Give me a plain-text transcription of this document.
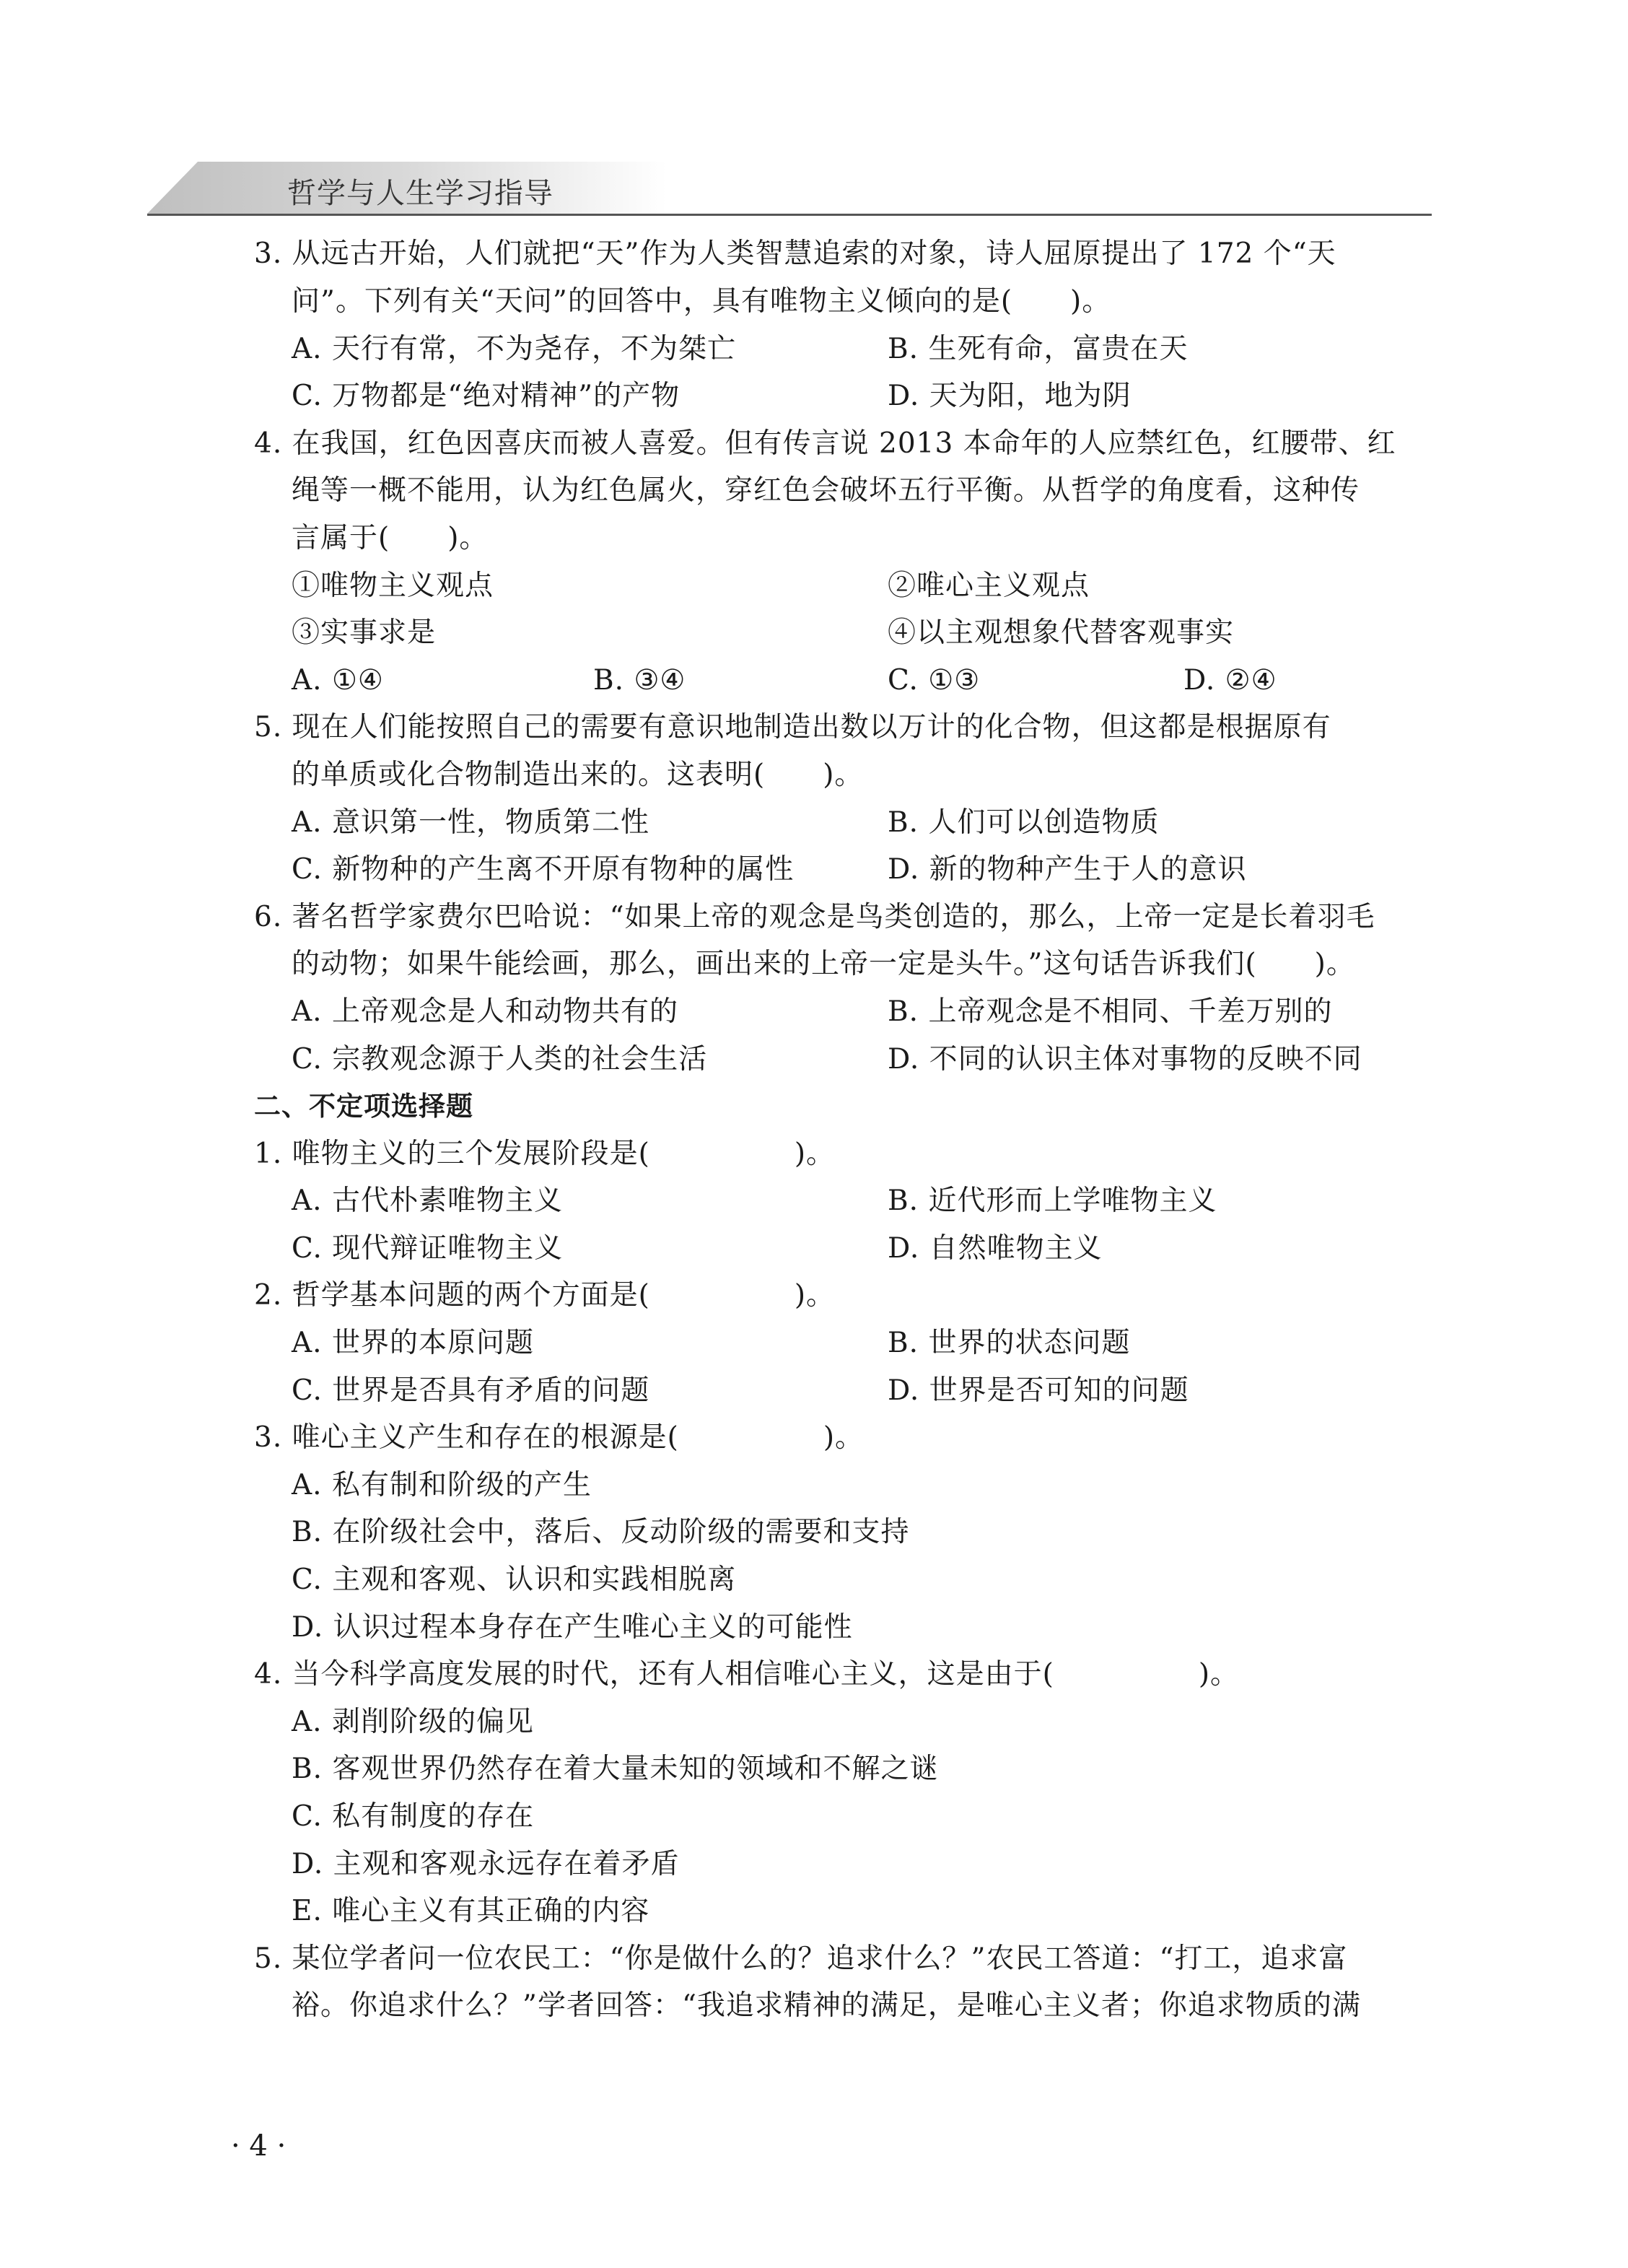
哲学与人生学习指导
3. 从远古开始，人们就把“天”作为人类智慧追索的对象，诗人屈原提出了 172 个“天
问”。下列有关“天问”的回答中，具有唯物主义倾向的是(　　)。
A. 天行有常，不为尧存，不为桀亡	B. 生死有命，富贵在天
C. 万物都是“绝对精神”的产物	D. 天为阳，地为阴
4. 在我国，红色因喜庆而被人喜爱。但有传言说 2013 本命年的人应禁红色，红腰带、红
绳等一概不能用，认为红色属火，穿红色会破坏五行平衡。从哲学的角度看，这种传
言属于(　　)。
①唯物主义观点	②唯心主义观点
③实事求是	④以主观想象代替客观事实
A. ①④	B. ③④	C. ①③	D. ②④
5. 现在人们能按照自己的需要有意识地制造出数以万计的化合物，但这都是根据原有
的单质或化合物制造出来的。这表明(　　)。
A. 意识第一性，物质第二性	B. 人们可以创造物质
C. 新物种的产生离不开原有物种的属性	D. 新的物种产生于人的意识
6. 著名哲学家费尔巴哈说：“如果上帝的观念是鸟类创造的，那么，上帝一定是长着羽毛
的动物；如果牛能绘画，那么，画出来的上帝一定是头牛。”这句话告诉我们(　　)。
A. 上帝观念是人和动物共有的	B. 上帝观念是不相同、千差万别的
C. 宗教观念源于人类的社会生活	D. 不同的认识主体对事物的反映不同
二、不定项选择题
1. 唯物主义的三个发展阶段是(　　　　　)。
A. 古代朴素唯物主义	B. 近代形而上学唯物主义
C. 现代辩证唯物主义	D. 自然唯物主义
2. 哲学基本问题的两个方面是(　　　　　)。
A. 世界的本原问题	B. 世界的状态问题
C. 世界是否具有矛盾的问题	D. 世界是否可知的问题
3. 唯心主义产生和存在的根源是(　　　　　)。
A. 私有制和阶级的产生
B. 在阶级社会中，落后、反动阶级的需要和支持
C. 主观和客观、认识和实践相脱离
D. 认识过程本身存在产生唯心主义的可能性
4. 当今科学高度发展的时代，还有人相信唯心主义，这是由于(　　　　　)。
A. 剥削阶级的偏见
B. 客观世界仍然存在着大量未知的领域和不解之谜
C. 私有制度的存在
D. 主观和客观永远存在着矛盾
E. 唯心主义有其正确的内容
5. 某位学者问一位农民工：“你是做什么的？追求什么？”农民工答道：“打工，追求富
裕。你追求什么？”学者回答：“我追求精神的满足，是唯心主义者；你追求物质的满
· 4 ·
